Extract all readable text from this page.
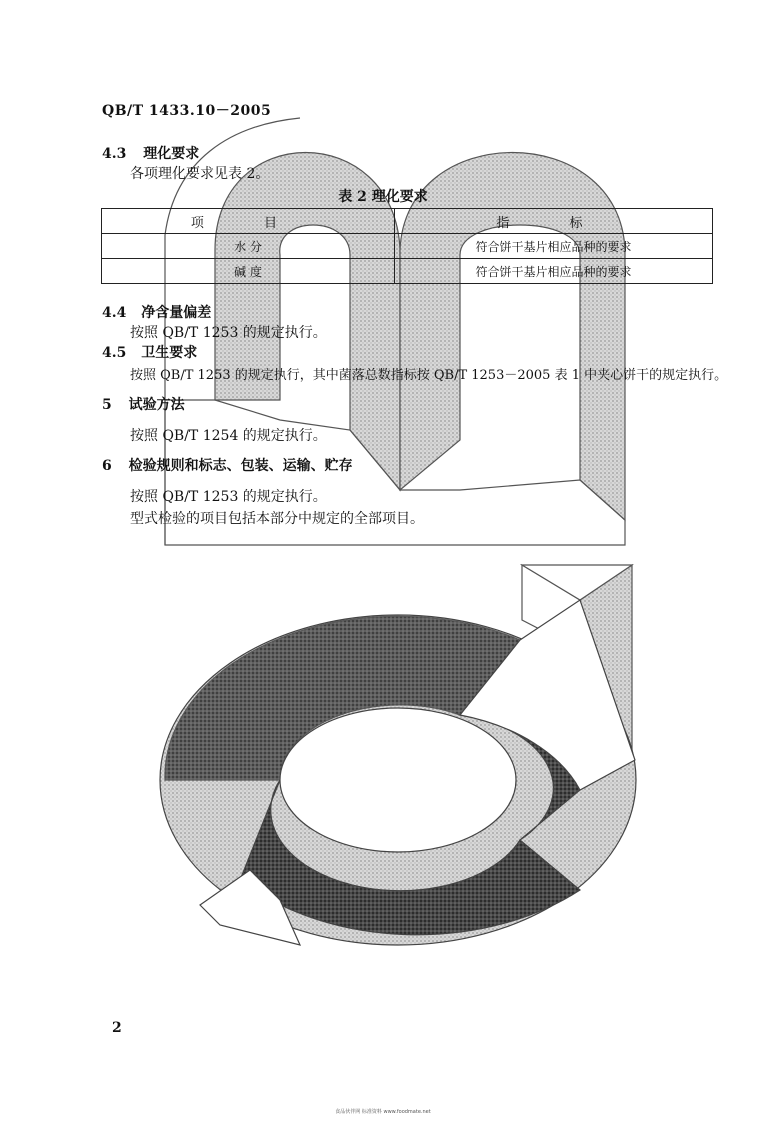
QB/T 1433.10－2005
4.3 理化要求
各项理化要求见表 2。
表 2 理化要求
项 目	指 标
水 分	符合饼干基片相应品种的要求
碱 度	符合饼干基片相应品种的要求
4.4 净含量偏差
按照 QB/T 1253 的规定执行。
4.5 卫生要求
按照 QB/T 1253 的规定执行，其中菌落总数指标按 QB/T 1253－2005 表 1 中夹心饼干的规定执行。
5 试验方法
按照 QB/T 1254 的规定执行。
6 检验规则和标志、包装、运输、贮存
按照 QB/T 1253 的规定执行。
型式检验的项目包括本部分中规定的全部项目。
2
食品伙伴网 标准资料 www.foodmate.net
